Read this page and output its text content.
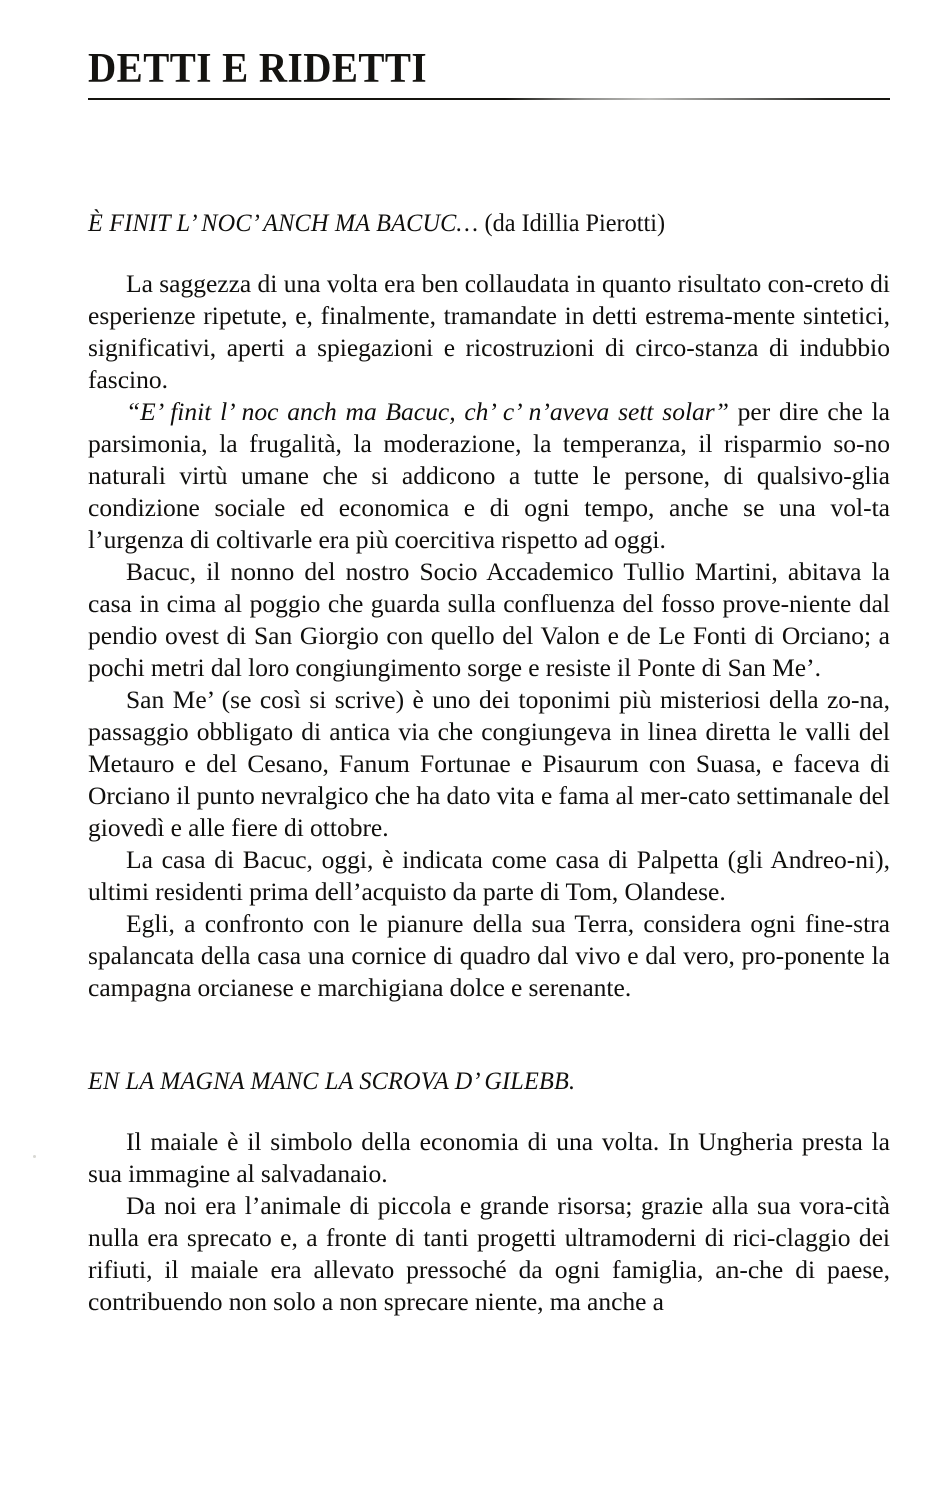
DETTI E RIDETTI

È FINIT L’ NOC’ ANCH MA BACUC… (da Idillia Pierotti)

La saggezza di una volta era ben collaudata in quanto risultato con-​creto di esperienze ripetute, e, finalmente, tramandate in detti estrema-​mente sintetici, significativi, aperti a spiegazioni e ricostruzioni di circo-​stanza di indubbio fascino.

“E’ finit l’ noc anch ma Bacuc, ch’ c’ n’aveva sett solar” per dire che la parsimonia, la frugalità, la moderazione, la temperanza, il risparmio so-​no naturali virtù umane che si addicono a tutte le persone, di qualsivo-​glia condizione sociale ed economica e di ogni tempo, anche se una vol-​ta l’urgenza di coltivarle era più coercitiva rispetto ad oggi.

Bacuc, il nonno del nostro Socio Accademico Tullio Martini, abitava la casa in cima al poggio che guarda sulla confluenza del fosso prove-​niente dal pendio ovest di San Giorgio con quello del Valon e de Le Fonti di Orciano; a pochi metri dal loro congiungimento sorge e resiste il Ponte di San Me’.

San Me’ (se così si scrive) è uno dei toponimi più misteriosi della zo-​na, passaggio obbligato di antica via che congiungeva in linea diretta le valli del Metauro e del Cesano, Fanum Fortunae e Pisaurum con Suasa, e faceva di Orciano il punto nevralgico che ha dato vita e fama al mer-​cato settimanale del giovedì e alle fiere di ottobre.

La casa di Bacuc, oggi, è indicata come casa di Palpetta (gli Andreo-​ni), ultimi residenti prima dell’acquisto da parte di Tom, Olandese.

Egli, a confronto con le pianure della sua Terra, considera ogni fine-​stra spalancata della casa una cornice di quadro dal vivo e dal vero, pro-​ponente la campagna orcianese e marchigiana dolce e serenante.

EN LA MAGNA MANC LA SCROVA D’ GILEBB.

Il maiale è il simbolo della economia di una volta. In Ungheria presta la sua immagine al salvadanaio.

Da noi era l’animale di piccola e grande risorsa; grazie alla sua vora-​cità nulla era sprecato e, a fronte di tanti progetti ultramoderni di rici-​claggio dei rifiuti, il maiale era allevato pressoché da ogni famiglia, an-​che di paese, contribuendo non solo a non sprecare niente, ma anche a
